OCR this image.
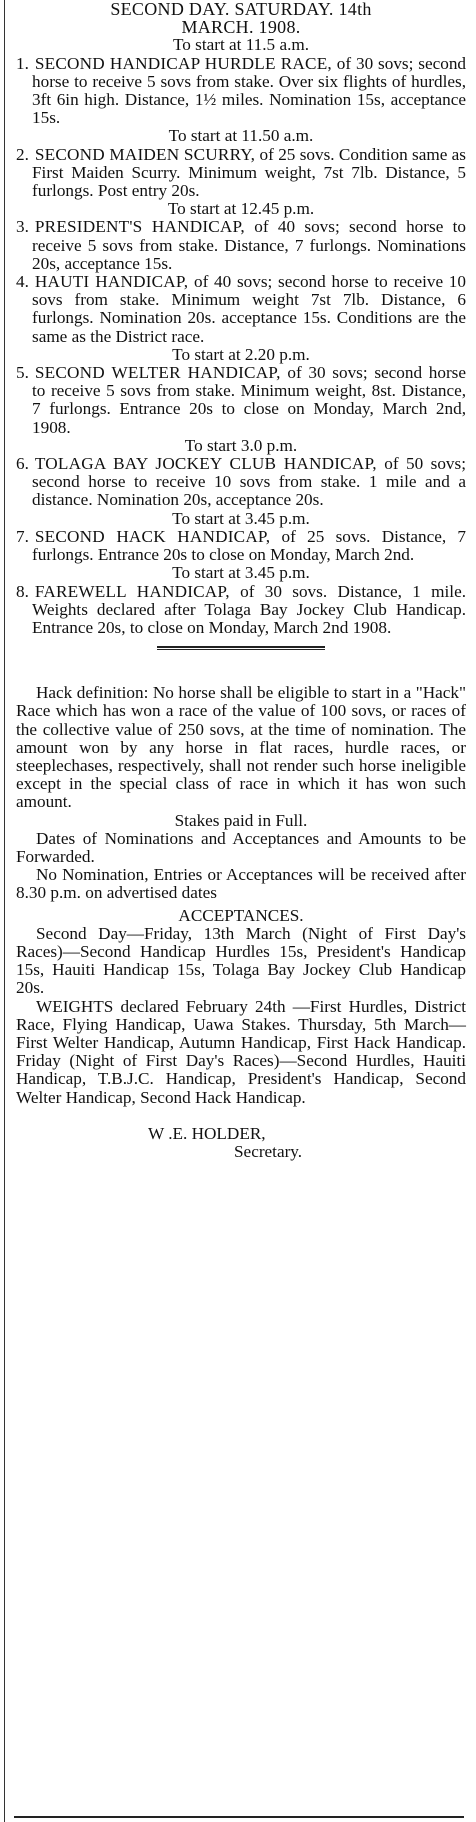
SECOND DAY. SATURDAY. 14th

MARCH. 1908.

To start at 11.5 a.m.

1. SECOND HANDICAP HURDLE RACE, of 30 sovs; second horse to receive 5 sovs from stake. Over six flights of hurdles, 3ft 6in high. Distance, 1½ miles. Nomination 15s, acceptance 15s.

To start at 11.50 a.m.

2. SECOND MAIDEN SCURRY, of 25 sovs. Condition same as First Maiden Scurry. Minimum weight, 7st 7lb. Distance, 5 furlongs. Post entry 20s.

To start at 12.45 p.m.

3. PRESIDENT'S HANDICAP, of 40 sovs; second horse to receive 5 sovs from stake. Distance, 7 furlongs. Nominations 20s, acceptance 15s.

4. HAUTI HANDICAP, of 40 sovs; second horse to receive 10 sovs from stake. Minimum weight 7st 7lb. Distance, 6 furlongs. Nomination 20s. acceptance 15s. Conditions are the same as the District race.

To start at 2.20 p.m.

5. SECOND WELTER HANDICAP, of 30 sovs; second horse to receive 5 sovs from stake. Minimum weight, 8st. Distance, 7 furlongs. Entrance 20s to close on Monday, March 2nd, 1908.

To start 3.0 p.m.

6. TOLAGA BAY JOCKEY CLUB HANDICAP, of 50 sovs; second horse to receive 10 sovs from stake. 1 mile and a distance. Nomination 20s, acceptance 20s.

To start at 3.45 p.m.

7. SECOND HACK HANDICAP, of 25 sovs. Distance, 7 furlongs. Entrance 20s to close on Monday, March 2nd.

To start at 3.45 p.m.

8. FAREWELL HANDICAP, of 30 sovs. Distance, 1 mile. Weights declared after Tolaga Bay Jockey Club Handicap. Entrance 20s, to close on Monday, March 2nd 1908.

Hack definition: No horse shall be eligible to start in a "Hack" Race which has won a race of the value of 100 sovs, or races of the collective value of 250 sovs, at the time of nomination. The amount won by any horse in flat races, hurdle races, or steeplechases, respectively, shall not render such horse ineligible except in the special class of race in which it has won such amount.

Stakes paid in Full.

Dates of Nominations and Acceptances and Amounts to be Forwarded.

No Nomination, Entries or Acceptances will be received after 8.30 p.m. on advertised dates

ACCEPTANCES.

Second Day—Friday, 13th March (Night of First Day's Races)—Second Handicap Hurdles 15s, President's Handicap 15s, Hauiti Handicap 15s, Tolaga Bay Jockey Club Handicap 20s.

WEIGHTS declared February 24th —First Hurdles, District Race, Flying Handicap, Uawa Stakes. Thursday, 5th March—First Welter Handicap, Autumn Handicap, First Hack Handicap. Friday (Night of First Day's Races)—Second Hurdles, Hauiti Handicap, T.B.J.C. Handicap, President's Handicap, Second Welter Handicap, Second Hack Handicap.

W .E. HOLDER,

Secretary.
